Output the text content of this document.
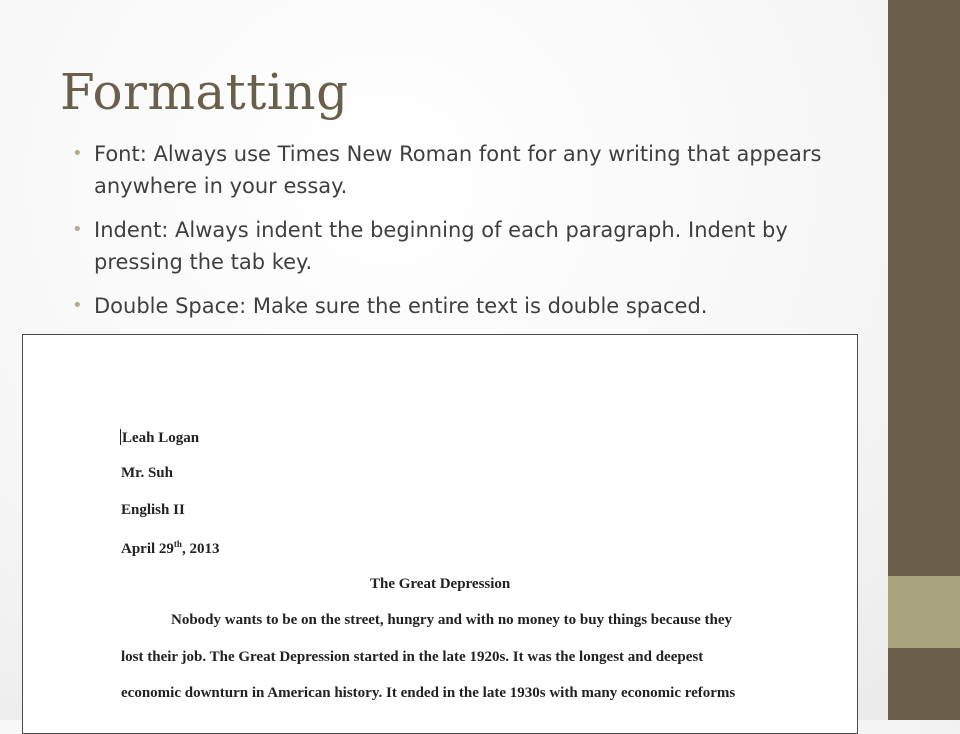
Formatting
• Font: Always use Times New Roman font for any writing that appears anywhere in your essay.
• Indent: Always indent the beginning of each paragraph. Indent by pressing the tab key.
• Double Space: Make sure the entire text is double spaced.

Leah Logan

Mr. Suh

English II

April 29th, 2013

The Great Depression

Nobody wants to be on the street, hungry and with no money to buy things because they

lost their job. The Great Depression started in the late 1920s. It was the longest and deepest

economic downturn in American history. It ended in the late 1930s with many economic reforms
